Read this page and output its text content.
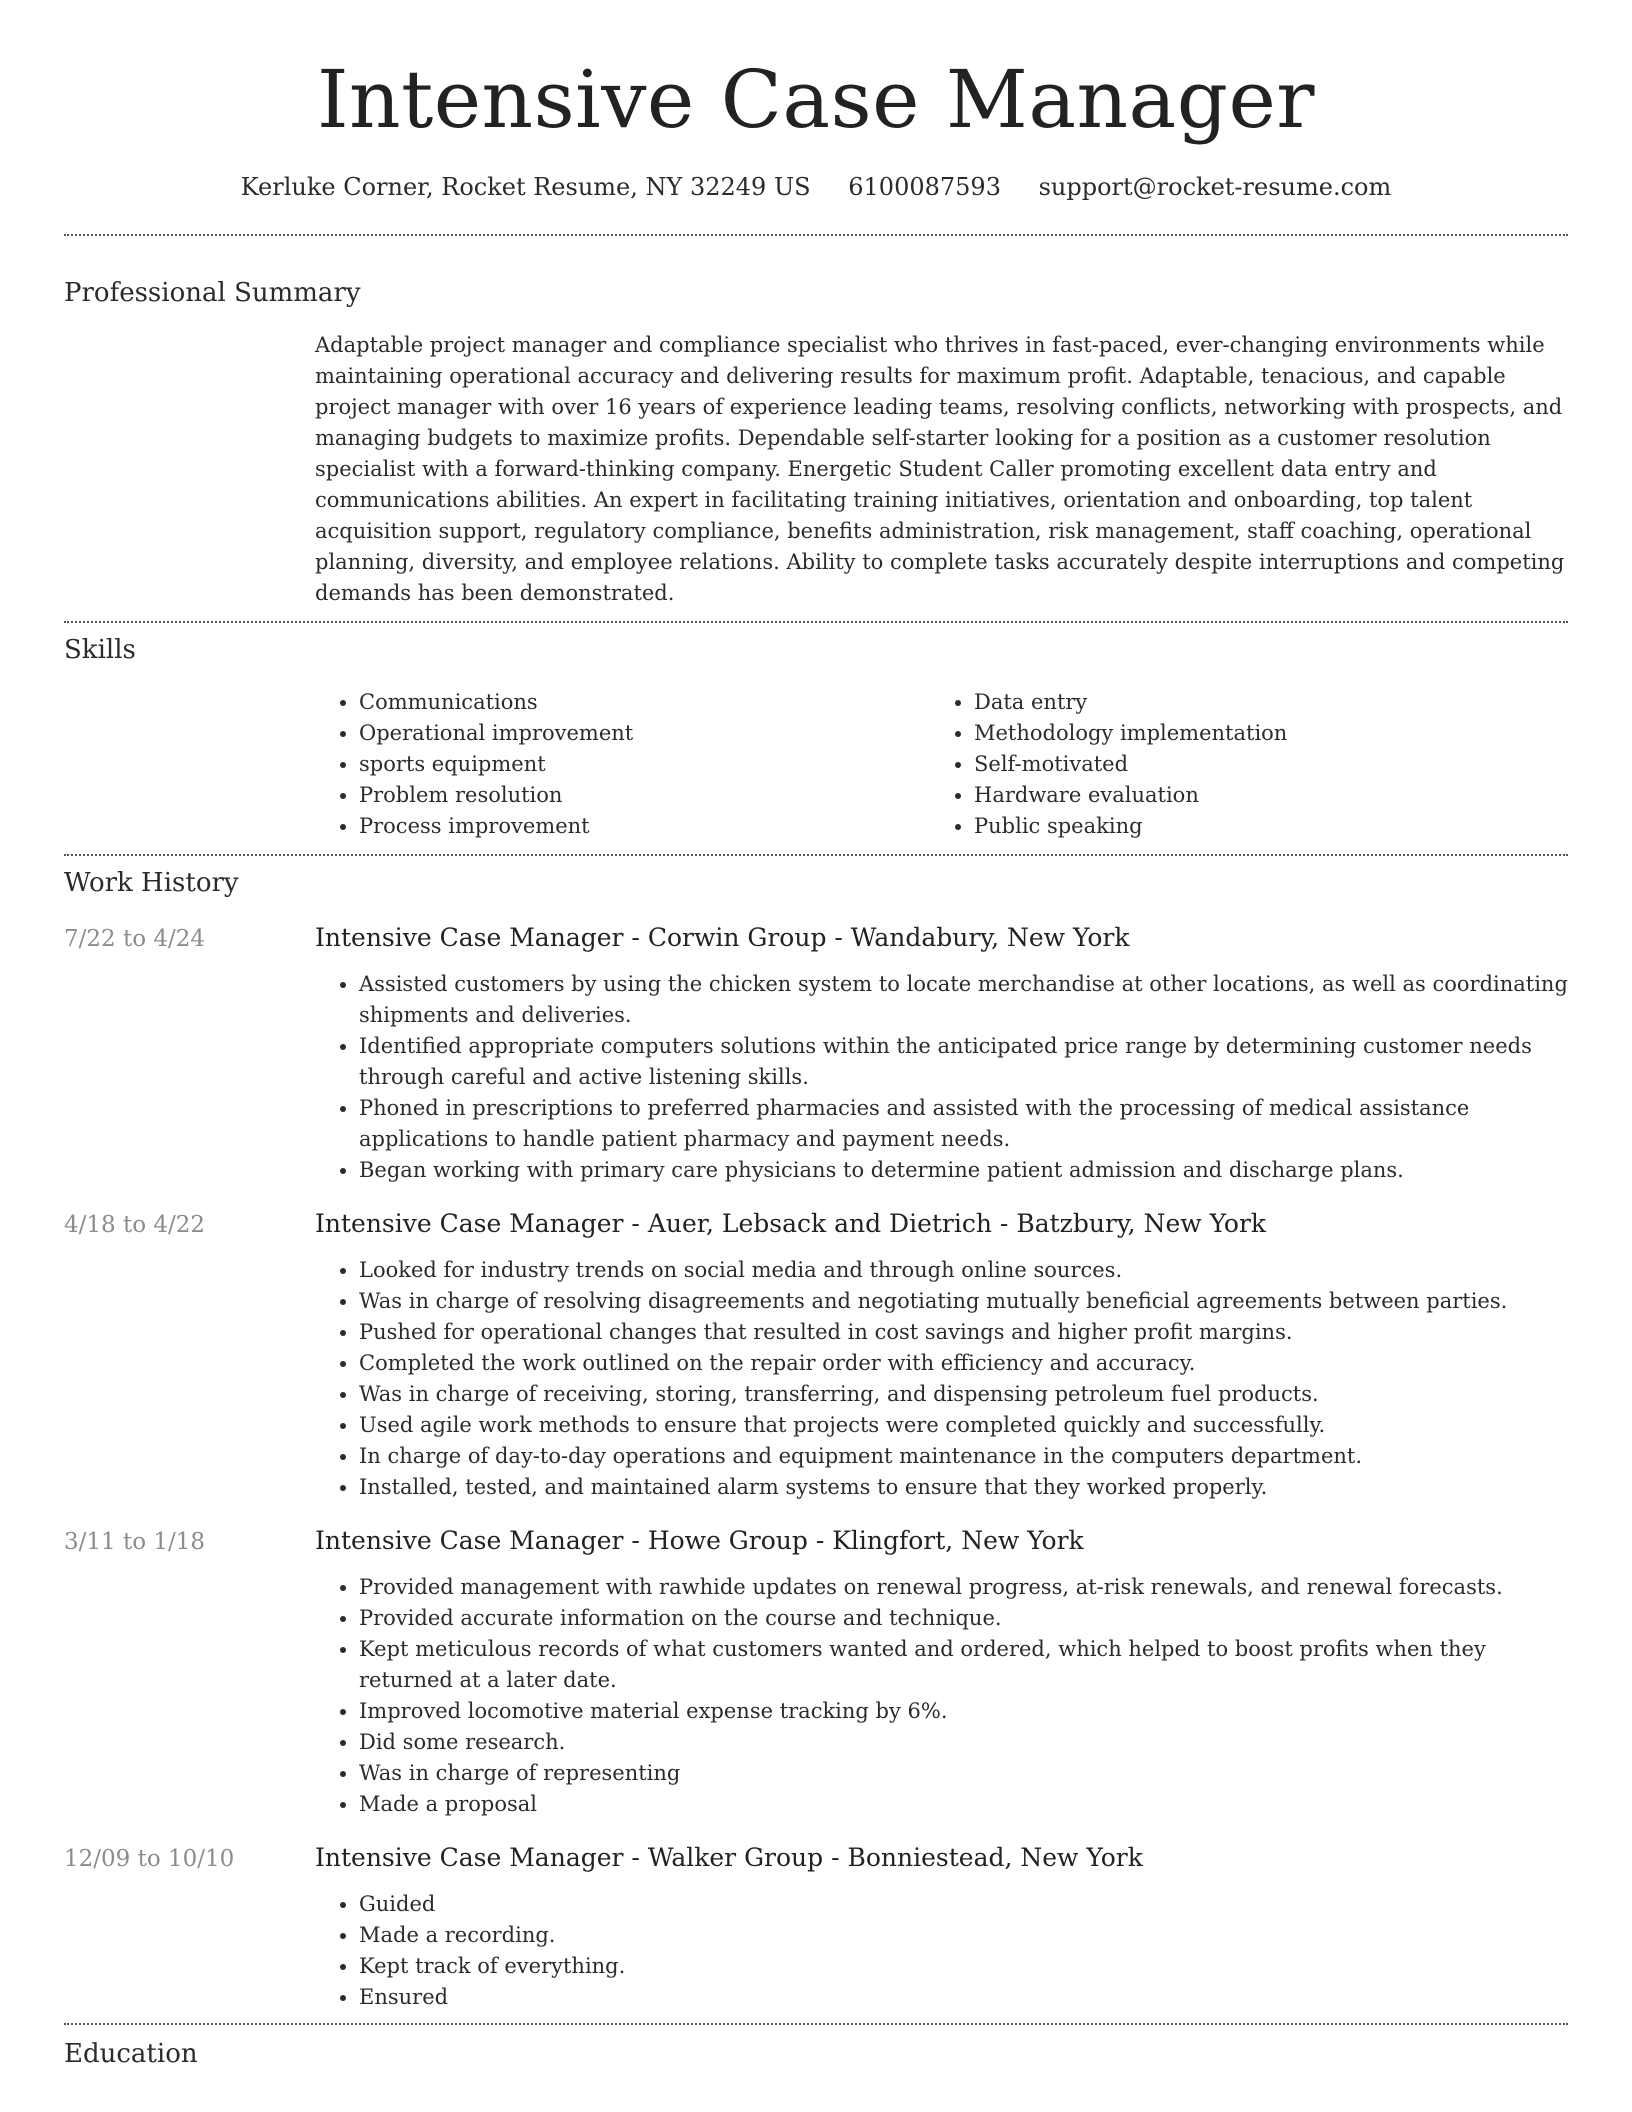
Intensive Case Manager
Kerluke Corner, Rocket Resume, NY 32249 US 6100087593 support@rocket-resume.com
Professional Summary
Adaptable project manager and compliance specialist who thrives in fast-paced, ever-changing environments while maintaining operational accuracy and delivering results for maximum profit. Adaptable, tenacious, and capable project manager with over 16 years of experience leading teams, resolving conflicts, networking with prospects, and managing budgets to maximize profits. Dependable self-starter looking for a position as a customer resolution specialist with a forward-thinking company. Energetic Student Caller promoting excellent data entry and communications abilities. An expert in facilitating training initiatives, orientation and onboarding, top talent acquisition support, regulatory compliance, benefits administration, risk management, staff coaching, operational planning, diversity, and employee relations. Ability to complete tasks accurately despite interruptions and competing demands has been demonstrated.
Skills
• Communications
• Operational improvement
• sports equipment
• Problem resolution
• Process improvement
• Data entry
• Methodology implementation
• Self-motivated
• Hardware evaluation
• Public speaking
Work History
7/22 to 4/24	Intensive Case Manager - Corwin Group - Wandabury, New York
• Assisted customers by using the chicken system to locate merchandise at other locations, as well as coordinating shipments and deliveries.
• Identified appropriate computers solutions within the anticipated price range by determining customer needs through careful and active listening skills.
• Phoned in prescriptions to preferred pharmacies and assisted with the processing of medical assistance applications to handle patient pharmacy and payment needs.
• Began working with primary care physicians to determine patient admission and discharge plans.
4/18 to 4/22	Intensive Case Manager - Auer, Lebsack and Dietrich - Batzbury, New York
• Looked for industry trends on social media and through online sources.
• Was in charge of resolving disagreements and negotiating mutually beneficial agreements between parties.
• Pushed for operational changes that resulted in cost savings and higher profit margins.
• Completed the work outlined on the repair order with efficiency and accuracy.
• Was in charge of receiving, storing, transferring, and dispensing petroleum fuel products.
• Used agile work methods to ensure that projects were completed quickly and successfully.
• In charge of day-to-day operations and equipment maintenance in the computers department.
• Installed, tested, and maintained alarm systems to ensure that they worked properly.
3/11 to 1/18	Intensive Case Manager - Howe Group - Klingfort, New York
• Provided management with rawhide updates on renewal progress, at-risk renewals, and renewal forecasts.
• Provided accurate information on the course and technique.
• Kept meticulous records of what customers wanted and ordered, which helped to boost profits when they returned at a later date.
• Improved locomotive material expense tracking by 6%.
• Did some research.
• Was in charge of representing
• Made a proposal
12/09 to 10/10	Intensive Case Manager - Walker Group - Bonniestead, New York
• Guided
• Made a recording.
• Kept track of everything.
• Ensured
Education
